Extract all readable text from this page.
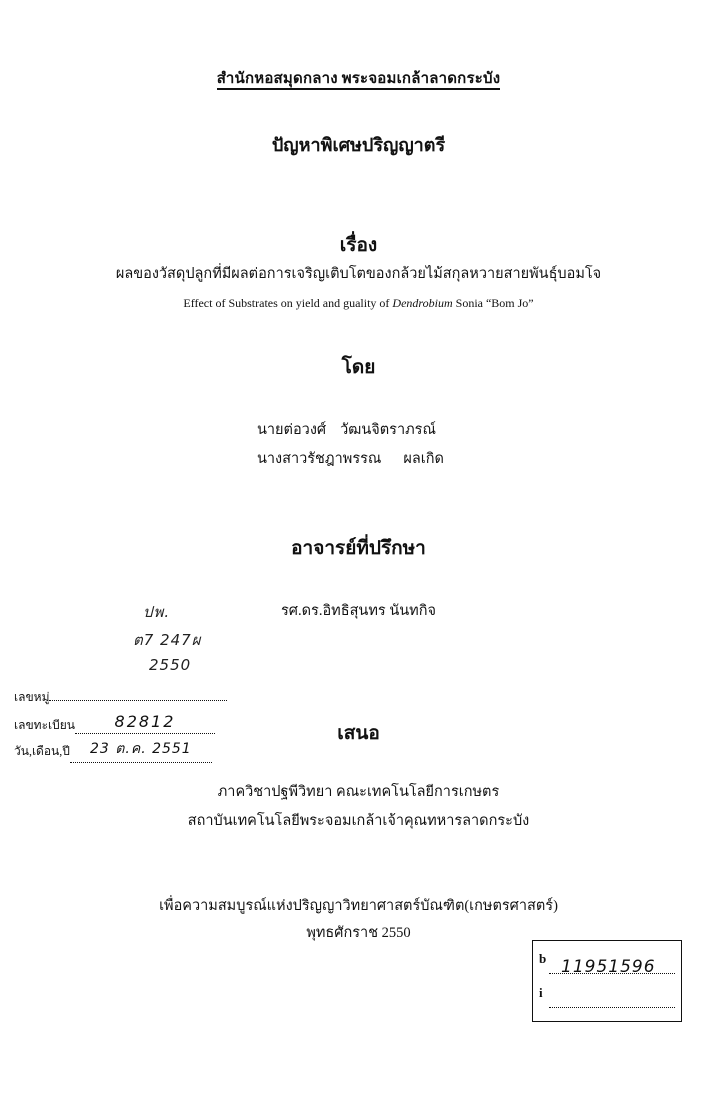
สำนักหอสมุดกลาง พระจอมเกล้าลาดกระบัง
ปัญหาพิเศษปริญญาตรี
เรื่อง
ผลของวัสดุปลูกที่มีผลต่อการเจริญเติบโตของกล้วยไม้สกุลหวายสายพันธุ์บอมโจ
Effect of Substrates on yield and guality of Dendrobium Sonia “Bom Jo”
โดย
นายต่อวงศ์ วัฒนจิตราภรณ์
นางสาวรัชฎาพรรณ ผลเกิด
อาจารย์ที่ปรึกษา
รศ.ดร.อิทธิสุนทร นันทกิจ
ปพ.
ต7 247ผ
2550
เลขหมู่
เลขทะเบียน 82812
วัน,เดือน,ปี 23 ต.ค. 2551
เสนอ
ภาควิชาปฐพีวิทยา คณะเทคโนโลยีการเกษตร
สถาบันเทคโนโลยีพระจอมเกล้าเจ้าคุณทหารลาดกระบัง
เพื่อความสมบูรณ์แห่งปริญญาวิทยาศาสตร์บัณฑิต(เกษตรศาสตร์)
พุทธศักราช 2550
b 11951596
i
